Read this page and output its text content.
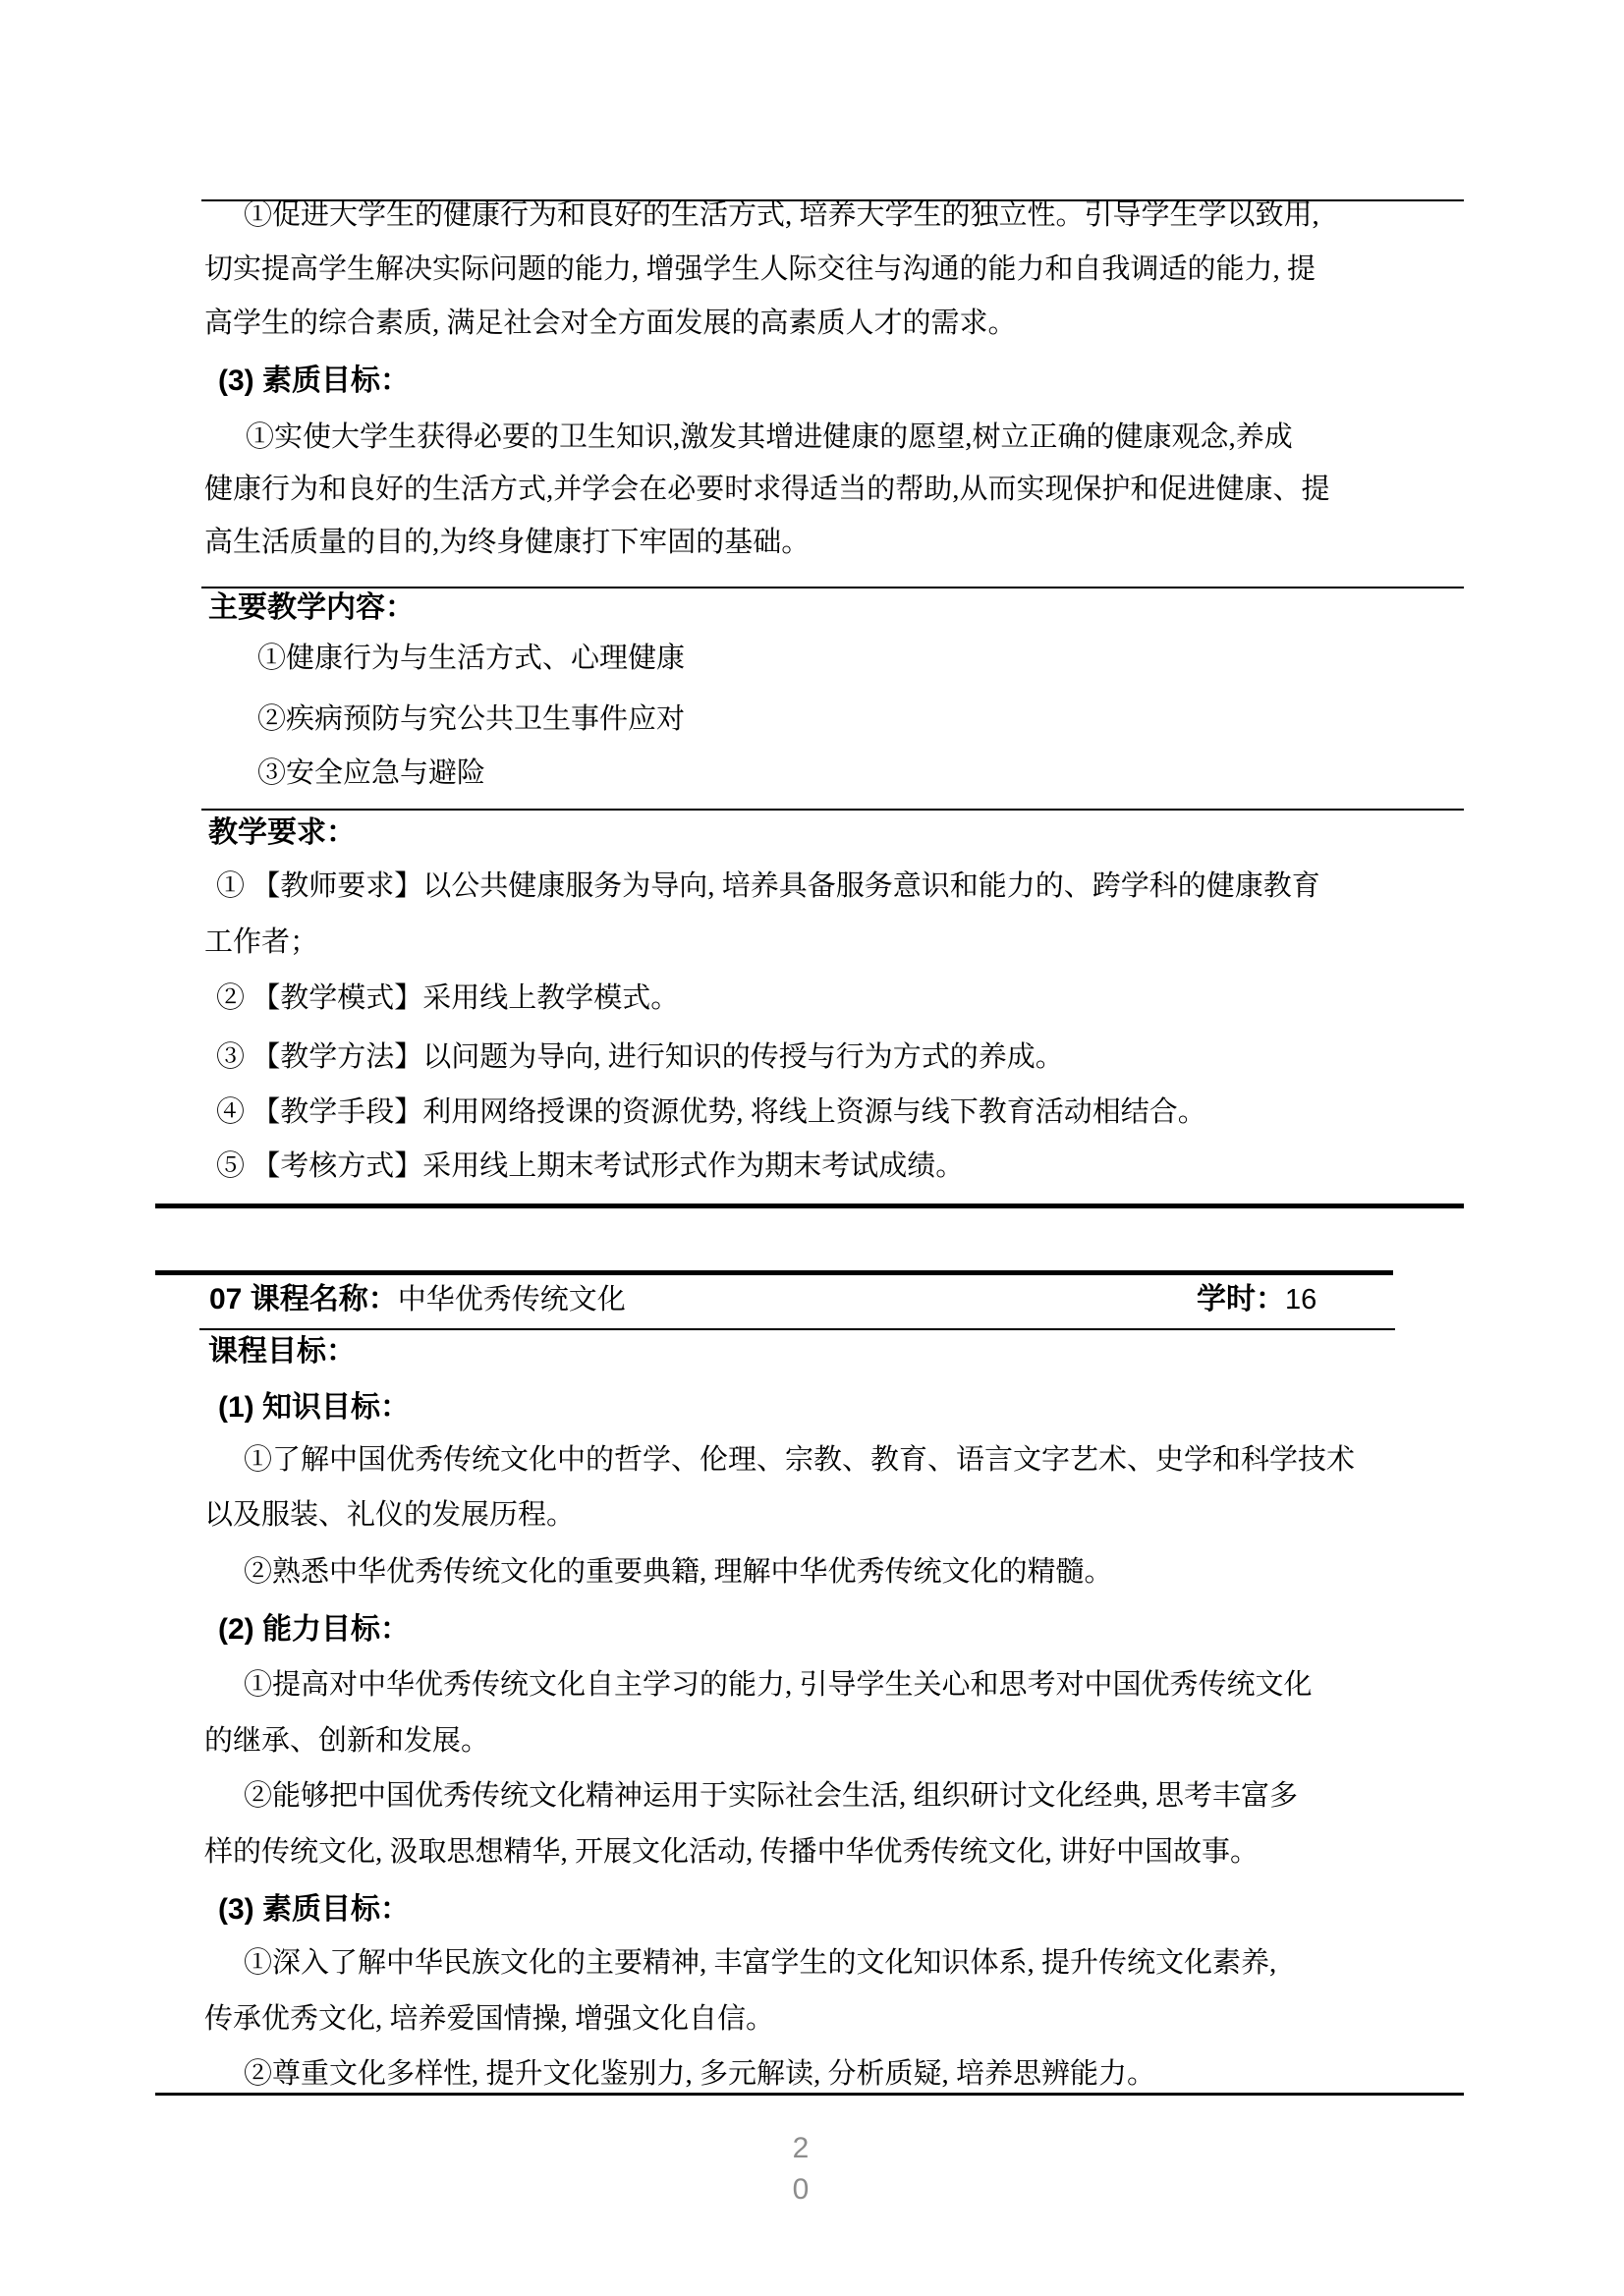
①促进大学生的健康行为和良好的生活方式, 培养大学生的独立性。引导学生学以致用,
切实提高学生解决实际问题的能力, 增强学生人际交往与沟通的能力和自我调适的能力, 提
高学生的综合素质, 满足社会对全方面发展的高素质人才的需求。
(3) 素质目标：
①实使大学生获得必要的卫生知识,激发其增进健康的愿望,树立正确的健康观念,养成
健康行为和良好的生活方式,并学会在必要时求得适当的帮助,从而实现保护和促进健康、提
高生活质量的目的,为终身健康打下牢固的基础。
主要教学内容：
①健康行为与生活方式、心理健康
②疾病预防与究公共卫生事件应对
③安全应急与避险
教学要求：
① 【教师要求】以公共健康服务为导向, 培养具备服务意识和能力的、跨学科的健康教育
工作者；
② 【教学模式】采用线上教学模式。
③ 【教学方法】以问题为导向, 进行知识的传授与行为方式的养成。
④ 【教学手段】利用网络授课的资源优势, 将线上资源与线下教育活动相结合。
⑤ 【考核方式】采用线上期末考试形式作为期末考试成绩。
07 课程名称：中华优秀传统文化	学时：16
课程目标：
(1) 知识目标：
①了解中国优秀传统文化中的哲学、伦理、宗教、教育、语言文字艺术、史学和科学技术
以及服装、礼仪的发展历程。
②熟悉中华优秀传统文化的重要典籍, 理解中华优秀传统文化的精髓。
(2) 能力目标：
①提高对中华优秀传统文化自主学习的能力, 引导学生关心和思考对中国优秀传统文化
的继承、创新和发展。
②能够把中国优秀传统文化精神运用于实际社会生活, 组织研讨文化经典, 思考丰富多
样的传统文化, 汲取思想精华, 开展文化活动, 传播中华优秀传统文化, 讲好中国故事。
(3) 素质目标：
①深入了解中华民族文化的主要精神, 丰富学生的文化知识体系, 提升传统文化素养,
传承优秀文化, 培养爱国情操, 增强文化自信。
②尊重文化多样性, 提升文化鉴别力, 多元解读, 分析质疑, 培养思辨能力。
2
0
